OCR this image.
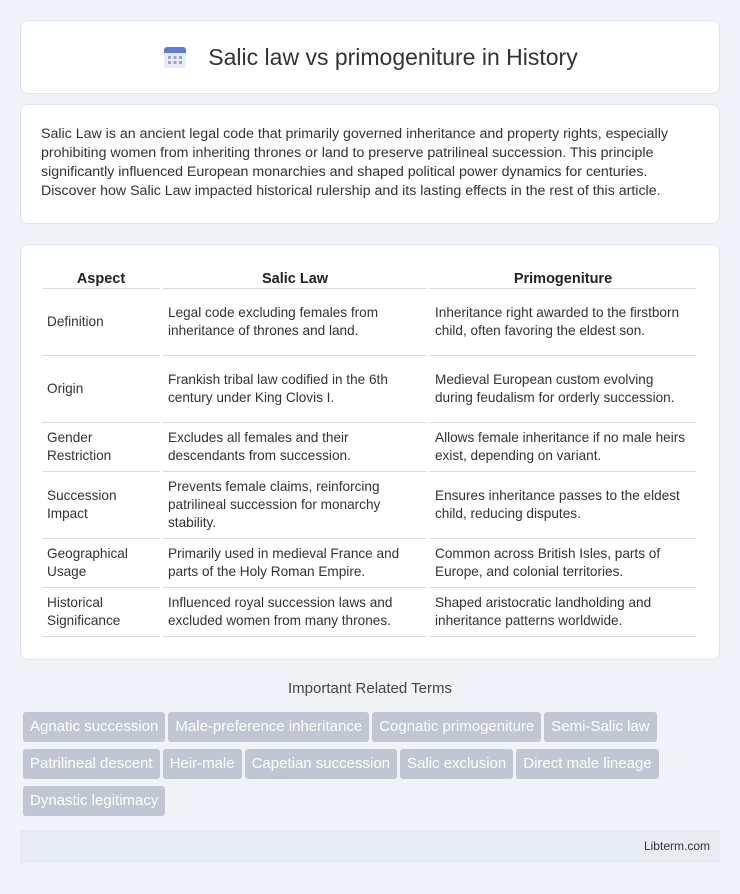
Salic law vs primogeniture in History

Salic Law is an ancient legal code that primarily governed inheritance and property rights, especially prohibiting women from inheriting thrones or land to preserve patrilineal succession. This principle significantly influenced European monarchies and shaped political power dynamics for centuries. Discover how Salic Law impacted historical rulership and its lasting effects in the rest of this article.

Aspect	Salic Law	Primogeniture
Definition	Legal code excluding females from inheritance of thrones and land.	Inheritance right awarded to the firstborn child, often favoring the eldest son.
Origin	Frankish tribal law codified in the 6th century under King Clovis I.	Medieval European custom evolving during feudalism for orderly succession.
Gender Restriction	Excludes all females and their descendants from succession.	Allows female inheritance if no male heirs exist, depending on variant.
Succession Impact	Prevents female claims, reinforcing patrilineal succession for monarchy stability.	Ensures inheritance passes to the eldest child, reducing disputes.
Geographical Usage	Primarily used in medieval France and parts of the Holy Roman Empire.	Common across British Isles, parts of Europe, and colonial territories.
Historical Significance	Influenced royal succession laws and excluded women from many thrones.	Shaped aristocratic landholding and inheritance patterns worldwide.
Important Related Terms
Agnatic succession Male-preference inheritance Cognatic primogeniture Semi-Salic lawPatrilineal descent Heir-male Capetian succession Salic exclusion Direct male lineageDynastic legitimacy
Libterm.com
